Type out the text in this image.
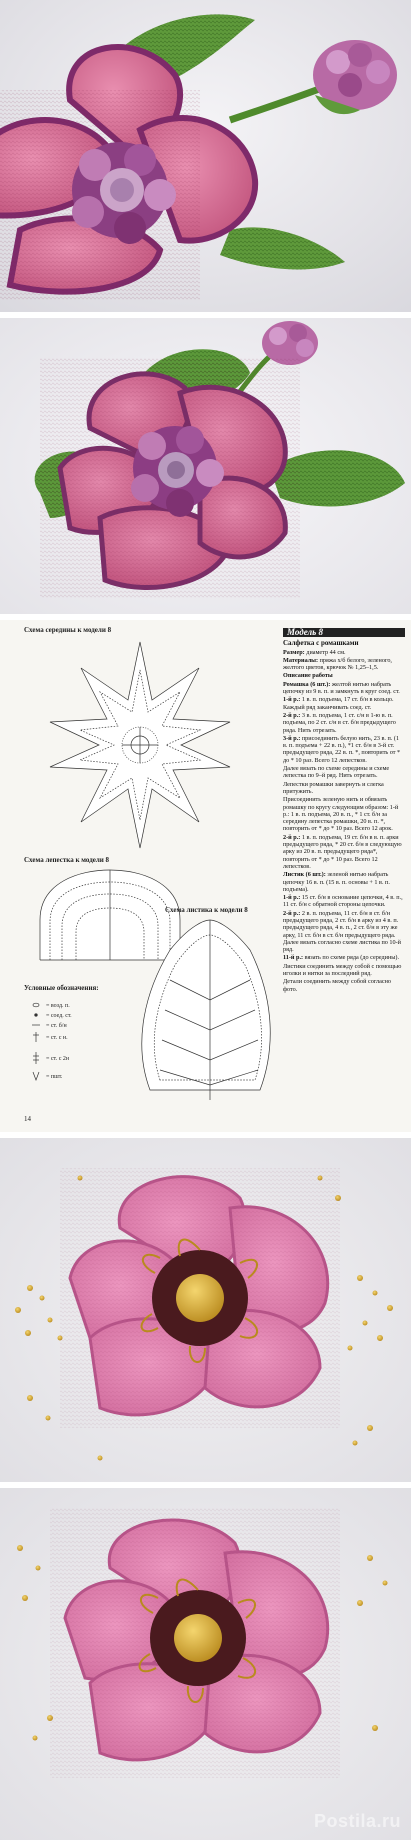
Схема середины к модели 8
Схема лепестка к модели 8
Схема листика к модели 8
Условные обозначения:
= возд. п.
= соед. ст.
= ст. б/н
= ст. с н.
= ст. с 2н
= пшт.
14
Модель 8
Салфетка с ромашками

Размер: диаметр 44 см.

Материалы: пряжа х/б белого, зеленого, желтого цветов, крючок № 1,25–1,5.

Описание работы

Ромашка (6 шт.): желтой нитью набрать цепочку из 9 в. п. и замкнуть в круг соед. ст.

1-й р.: 1 в. п. подъема, 17 ст. б/н в кольцо. Каждый ряд заканчивать соед. ст.

2-й р.: 3 в. п. подъема, 1 ст. с/н в 1-ю в. п. подъема, по 2 ст. с/н в ст. б/н предыдущего ряда. Нить отрезать.

3-й р.: присоединить белую нить, 23 в. п. (1 в. п. подъема + 22 в. п.), *1 ст. б/н в 3-й ст. предыдущего ряда, 22 в. п. *, повторить от * до * 10 раз. Всего 12 лепестков.

Далее вязать по схеме середины и схеме лепестка по 9–й ряд. Нить отрезать.

Лепестки ромашки завернуть и слегка притужить.

Присоединить зеленую нить и обвязать ромашку по кругу следующим образом: 1-й р.: 1 в. п. подъема, 20 в. п., * 1 ст. б/н за середину лепестка ромашки, 20 в. п. *, повторить от * до * 10 раз. Всего 12 арок.

2-й р.: 1 в. п. подъема, 19 ст. б/н в в. п. арки предыдущего ряда, * 20 ст. б/н в следующую арку из 20 в. п. предыдущего ряда*, повторить от * до * 10 раз. Всего 12 лепестков.

Листик (6 шт.): зеленой нитью набрать цепочку 16 в. п. (15 в. п. основы + 1 в. п. подъема).

1-й р.: 15 ст. б/н в основание цепочки, 4 в. п., 11 ст. б/н с обратной стороны цепочки.

2-й р.: 2 в. п. подъема, 11 ст. б/н в ст. б/н предыдущего ряда, 2 ст. б/н в арку из 4 в. п. предыдущего ряда, 4 в. п., 2 ст. б/н в эту же арку, 11 ст. б/н в ст. б/н предыдущего ряда. Далее вязать согласно схеме листика по 10-й ряд.

11-й р.: вязать по схеме ряда (до середины).

Листики соединить между собой с помощью иголки и нитки за последний ряд.

Детали соединить между собой согласно фото.

Postila.ru
